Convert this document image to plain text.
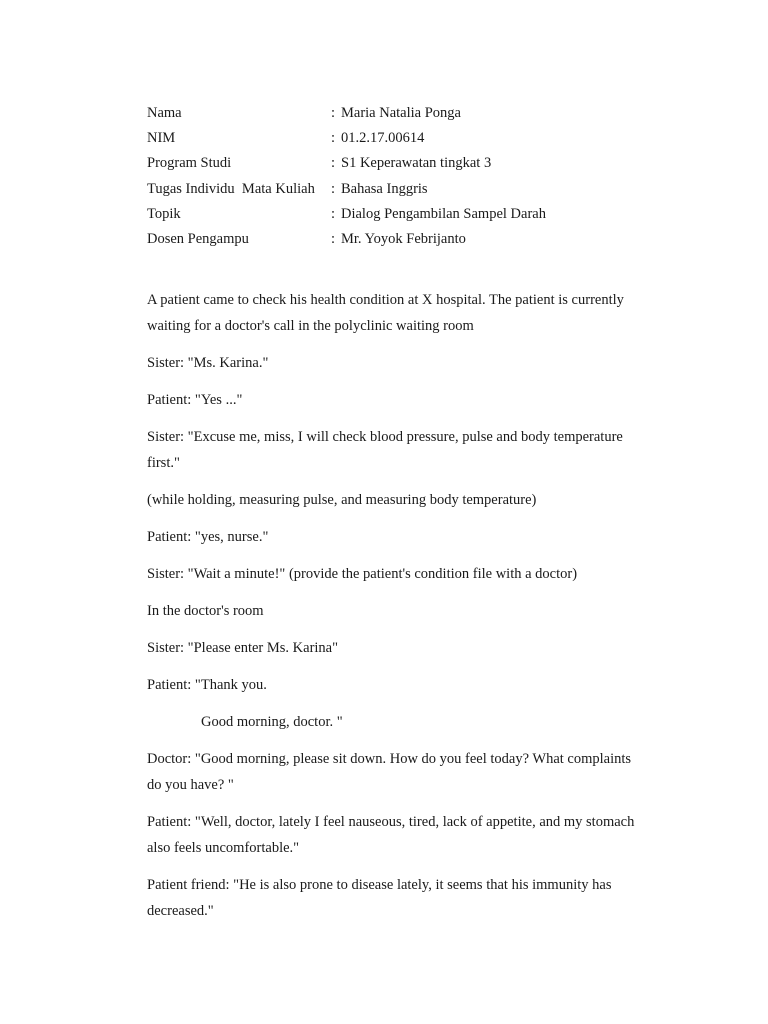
Nama	: Maria Natalia Ponga
NIM	: 01.2.17.00614
Program Studi	: S1 Keperawatan tingkat 3
Tugas Individu  Mata Kuliah	: Bahasa Inggris
Topik	: Dialog Pengambilan Sampel Darah
Dosen Pengampu	: Mr. Yoyok Febrijanto

A patient came to check his health condition at X hospital. The patient is currently waiting for a doctor's call in the polyclinic waiting room

Sister: "Ms. Karina."

Patient: "Yes ..."

Sister: "Excuse me, miss, I will check blood pressure, pulse and body temperature first."

(while holding, measuring pulse, and measuring body temperature)

Patient: "yes, nurse."

Sister: "Wait a minute!" (provide the patient's condition file with a doctor)

In the doctor's room

Sister: "Please enter Ms. Karina"

Patient: "Thank you.

Good morning, doctor. "

Doctor: "Good morning, please sit down. How do you feel today? What complaints do you have? "

Patient: "Well, doctor, lately I feel nauseous, tired, lack of appetite, and my stomach also feels uncomfortable."

Patient friend: "He is also prone to disease lately, it seems that his immunity has decreased."
